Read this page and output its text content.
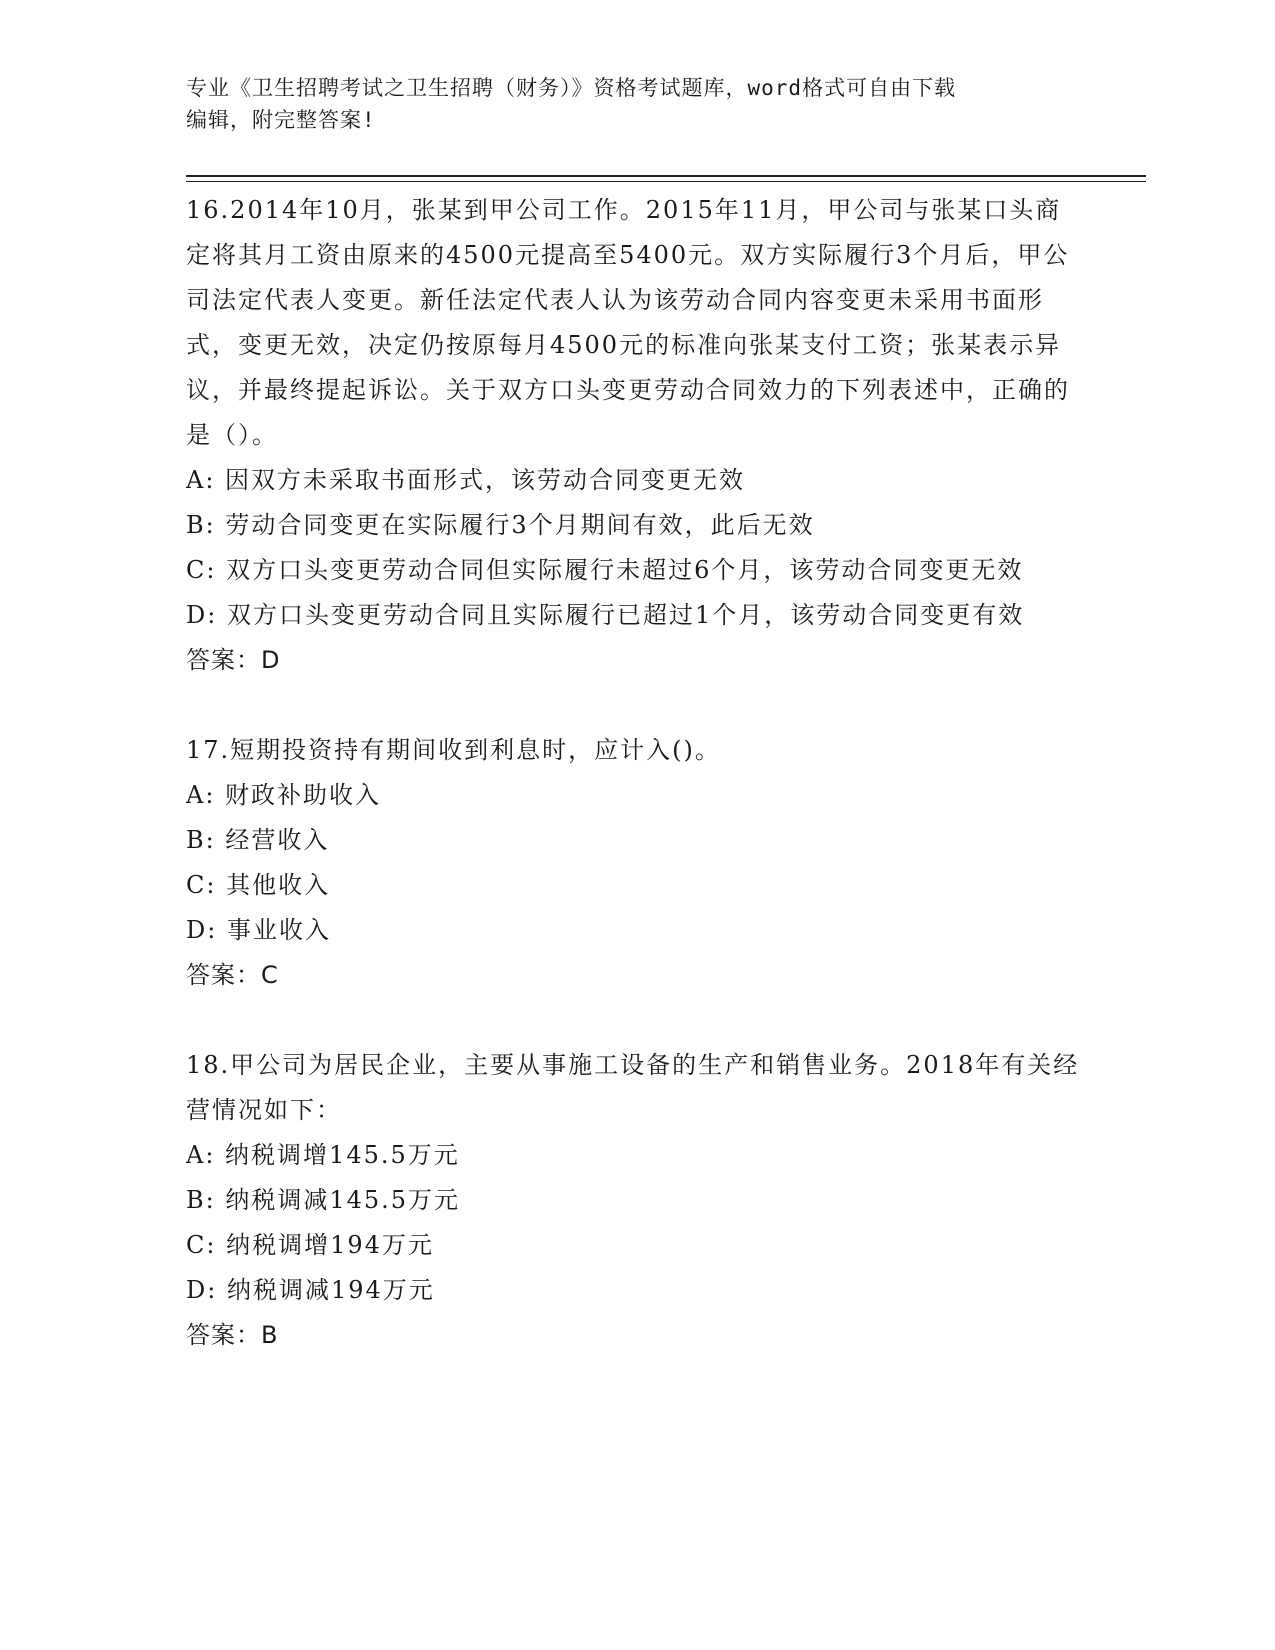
专业《卫生招聘考试之卫生招聘（财务）》资格考试题库，word格式可自由下载
编辑，附完整答案!
16.2014年10月，张某到甲公司工作。2015年11月，甲公司与张某口头商定将其月工资由原来的4500元提高至5400元。双方实际履行3个月后，甲公司法定代表人变更。新任法定代表人认为该劳动合同内容变更未采用书面形式，变更无效，决定仍按原每月4500元的标准向张某支付工资；张某表示异议，并最终提起诉讼。关于双方口头变更劳动合同效力的下列表述中，正确的是（）。
A: 因双方未采取书面形式，该劳动合同变更无效
B: 劳动合同变更在实际履行3个月期间有效，此后无效
C: 双方口头变更劳动合同但实际履行未超过6个月，该劳动合同变更无效
D: 双方口头变更劳动合同且实际履行已超过1个月，该劳动合同变更有效
答案：D
17.短期投资持有期间收到利息时，应计入()。
A: 财政补助收入
B: 经营收入
C: 其他收入
D: 事业收入
答案：C
18.甲公司为居民企业，主要从事施工设备的生产和销售业务。2018年有关经营情况如下：
A: 纳税调增145.5万元
B: 纳税调减145.5万元
C: 纳税调增194万元
D: 纳税调减194万元
答案：B
